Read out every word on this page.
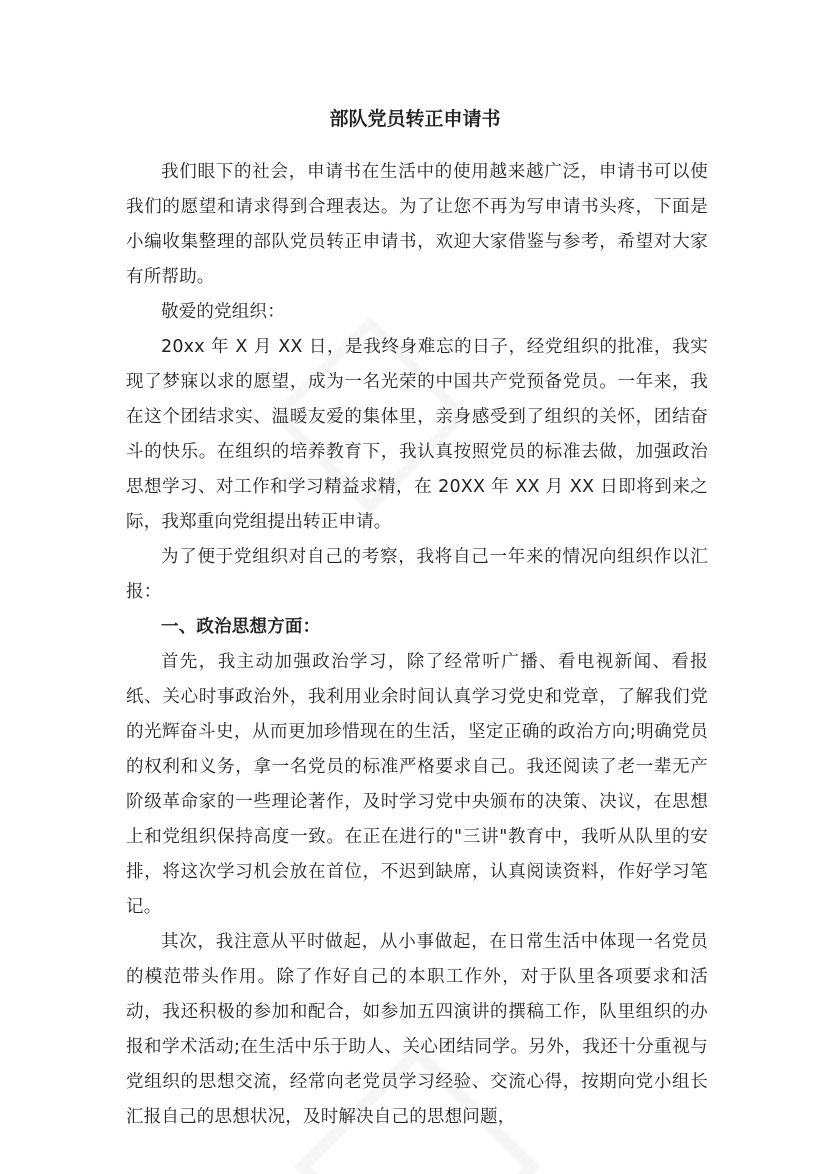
部队党员转正申请书

我们眼下的社会，申请书在生活中的使用越来越广泛，申请书可以使我们的愿望和请求得到合理表达。为了让您不再为写申请书头疼，下面是小编收集整理的部队党员转正申请书，欢迎大家借鉴与参考，希望对大家有所帮助。

敬爱的党组织：

20xx 年 X 月 XX 日，是我终身难忘的日子，经党组织的批准，我实现了梦寐以求的愿望，成为一名光荣的中国共产党预备党员。一年来，我在这个团结求实、温暖友爱的集体里，亲身感受到了组织的关怀，团结奋斗的快乐。在组织的培养教育下，我认真按照党员的标准去做，加强政治思想学习、对工作和学习精益求精，在 20XX 年 XX 月 XX 日即将到来之际，我郑重向党组提出转正申请。

为了便于党组织对自己的考察，我将自己一年来的情况向组织作以汇报：

一、政治思想方面：

首先，我主动加强政治学习，除了经常听广播、看电视新闻、看报纸、关心时事政治外，我利用业余时间认真学习党史和党章，了解我们党的光辉奋斗史，从而更加珍惜现在的生活，坚定正确的政治方向;明确党员的权利和义务，拿一名党员的标准严格要求自己。我还阅读了老一辈无产阶级革命家的一些理论著作，及时学习党中央颁布的决策、决议，在思想上和党组织保持高度一致。在正在进行的"三讲"教育中，我听从队里的安排，将这次学习机会放在首位，不迟到缺席，认真阅读资料，作好学习笔记。

其次，我注意从平时做起，从小事做起，在日常生活中体现一名党员的模范带头作用。除了作好自己的本职工作外，对于队里各项要求和活动，我还积极的参加和配合，如参加五四演讲的撰稿工作，队里组织的办报和学术活动;在生活中乐于助人、关心团结同学。另外，我还十分重视与党组织的思想交流，经常向老党员学习经验、交流心得，按期向党小组长汇报自己的思想状况，及时解决自己的思想问题，
